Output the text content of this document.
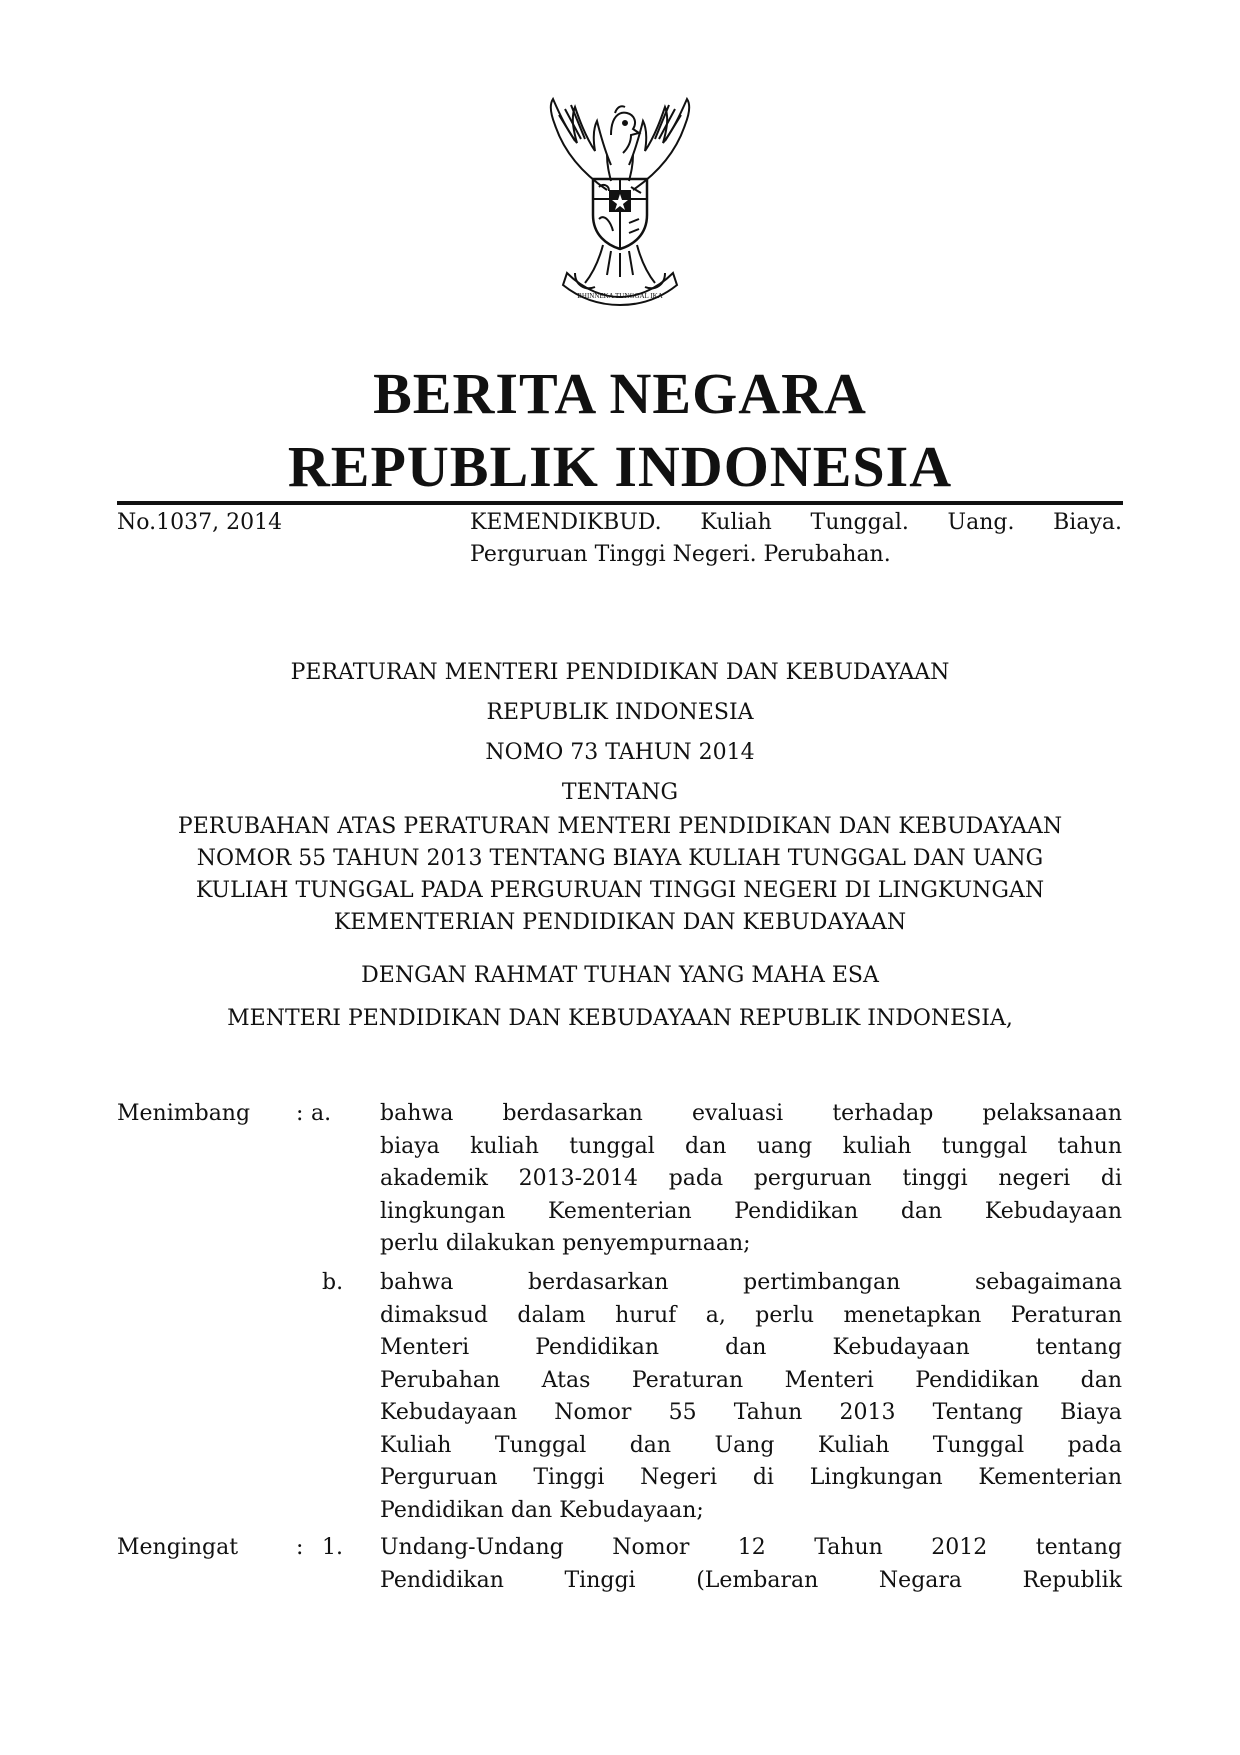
BHINNEKA TUNGGAL IKA
BERITA NEGARA
REPUBLIK INDONESIA
No.1037, 2014	KEMENDIKBUD. Kuliah Tunggal. Uang. Biaya.
Perguruan Tinggi Negeri. Perubahan.
PERATURAN MENTERI PENDIDIKAN DAN KEBUDAYAAN
REPUBLIK INDONESIA
NOMO 73 TAHUN 2014
TENTANG
PERUBAHAN ATAS PERATURAN MENTERI PENDIDIKAN DAN KEBUDAYAAN
NOMOR 55 TAHUN 2013 TENTANG BIAYA KULIAH TUNGGAL DAN UANG
KULIAH TUNGGAL PADA PERGURUAN TINGGI NEGERI DI LINGKUNGAN
KEMENTERIAN PENDIDIKAN DAN KEBUDAYAAN
DENGAN RAHMAT TUHAN YANG MAHA ESA
MENTERI PENDIDIKAN DAN KEBUDAYAAN REPUBLIK INDONESIA,
Menimbang : a. bahwa berdasarkan evaluasi terhadap pelaksanaan
biaya kuliah tunggal dan uang kuliah tunggal tahun
akademik 2013-2014 pada perguruan tinggi negeri di
lingkungan Kementerian Pendidikan dan Kebudayaan
perlu dilakukan penyempurnaan;
b. bahwa berdasarkan pertimbangan sebagaimana
dimaksud dalam huruf a, perlu menetapkan Peraturan
Menteri Pendidikan dan Kebudayaan tentang
Perubahan Atas Peraturan Menteri Pendidikan dan
Kebudayaan Nomor 55 Tahun 2013 Tentang Biaya
Kuliah Tunggal dan Uang Kuliah Tunggal pada
Perguruan Tinggi Negeri di Lingkungan Kementerian
Pendidikan dan Kebudayaan;
Mengingat	: 1. Undang-Undang Nomor 12 Tahun 2012 tentang
Pendidikan Tinggi (Lembaran Negara Republik
